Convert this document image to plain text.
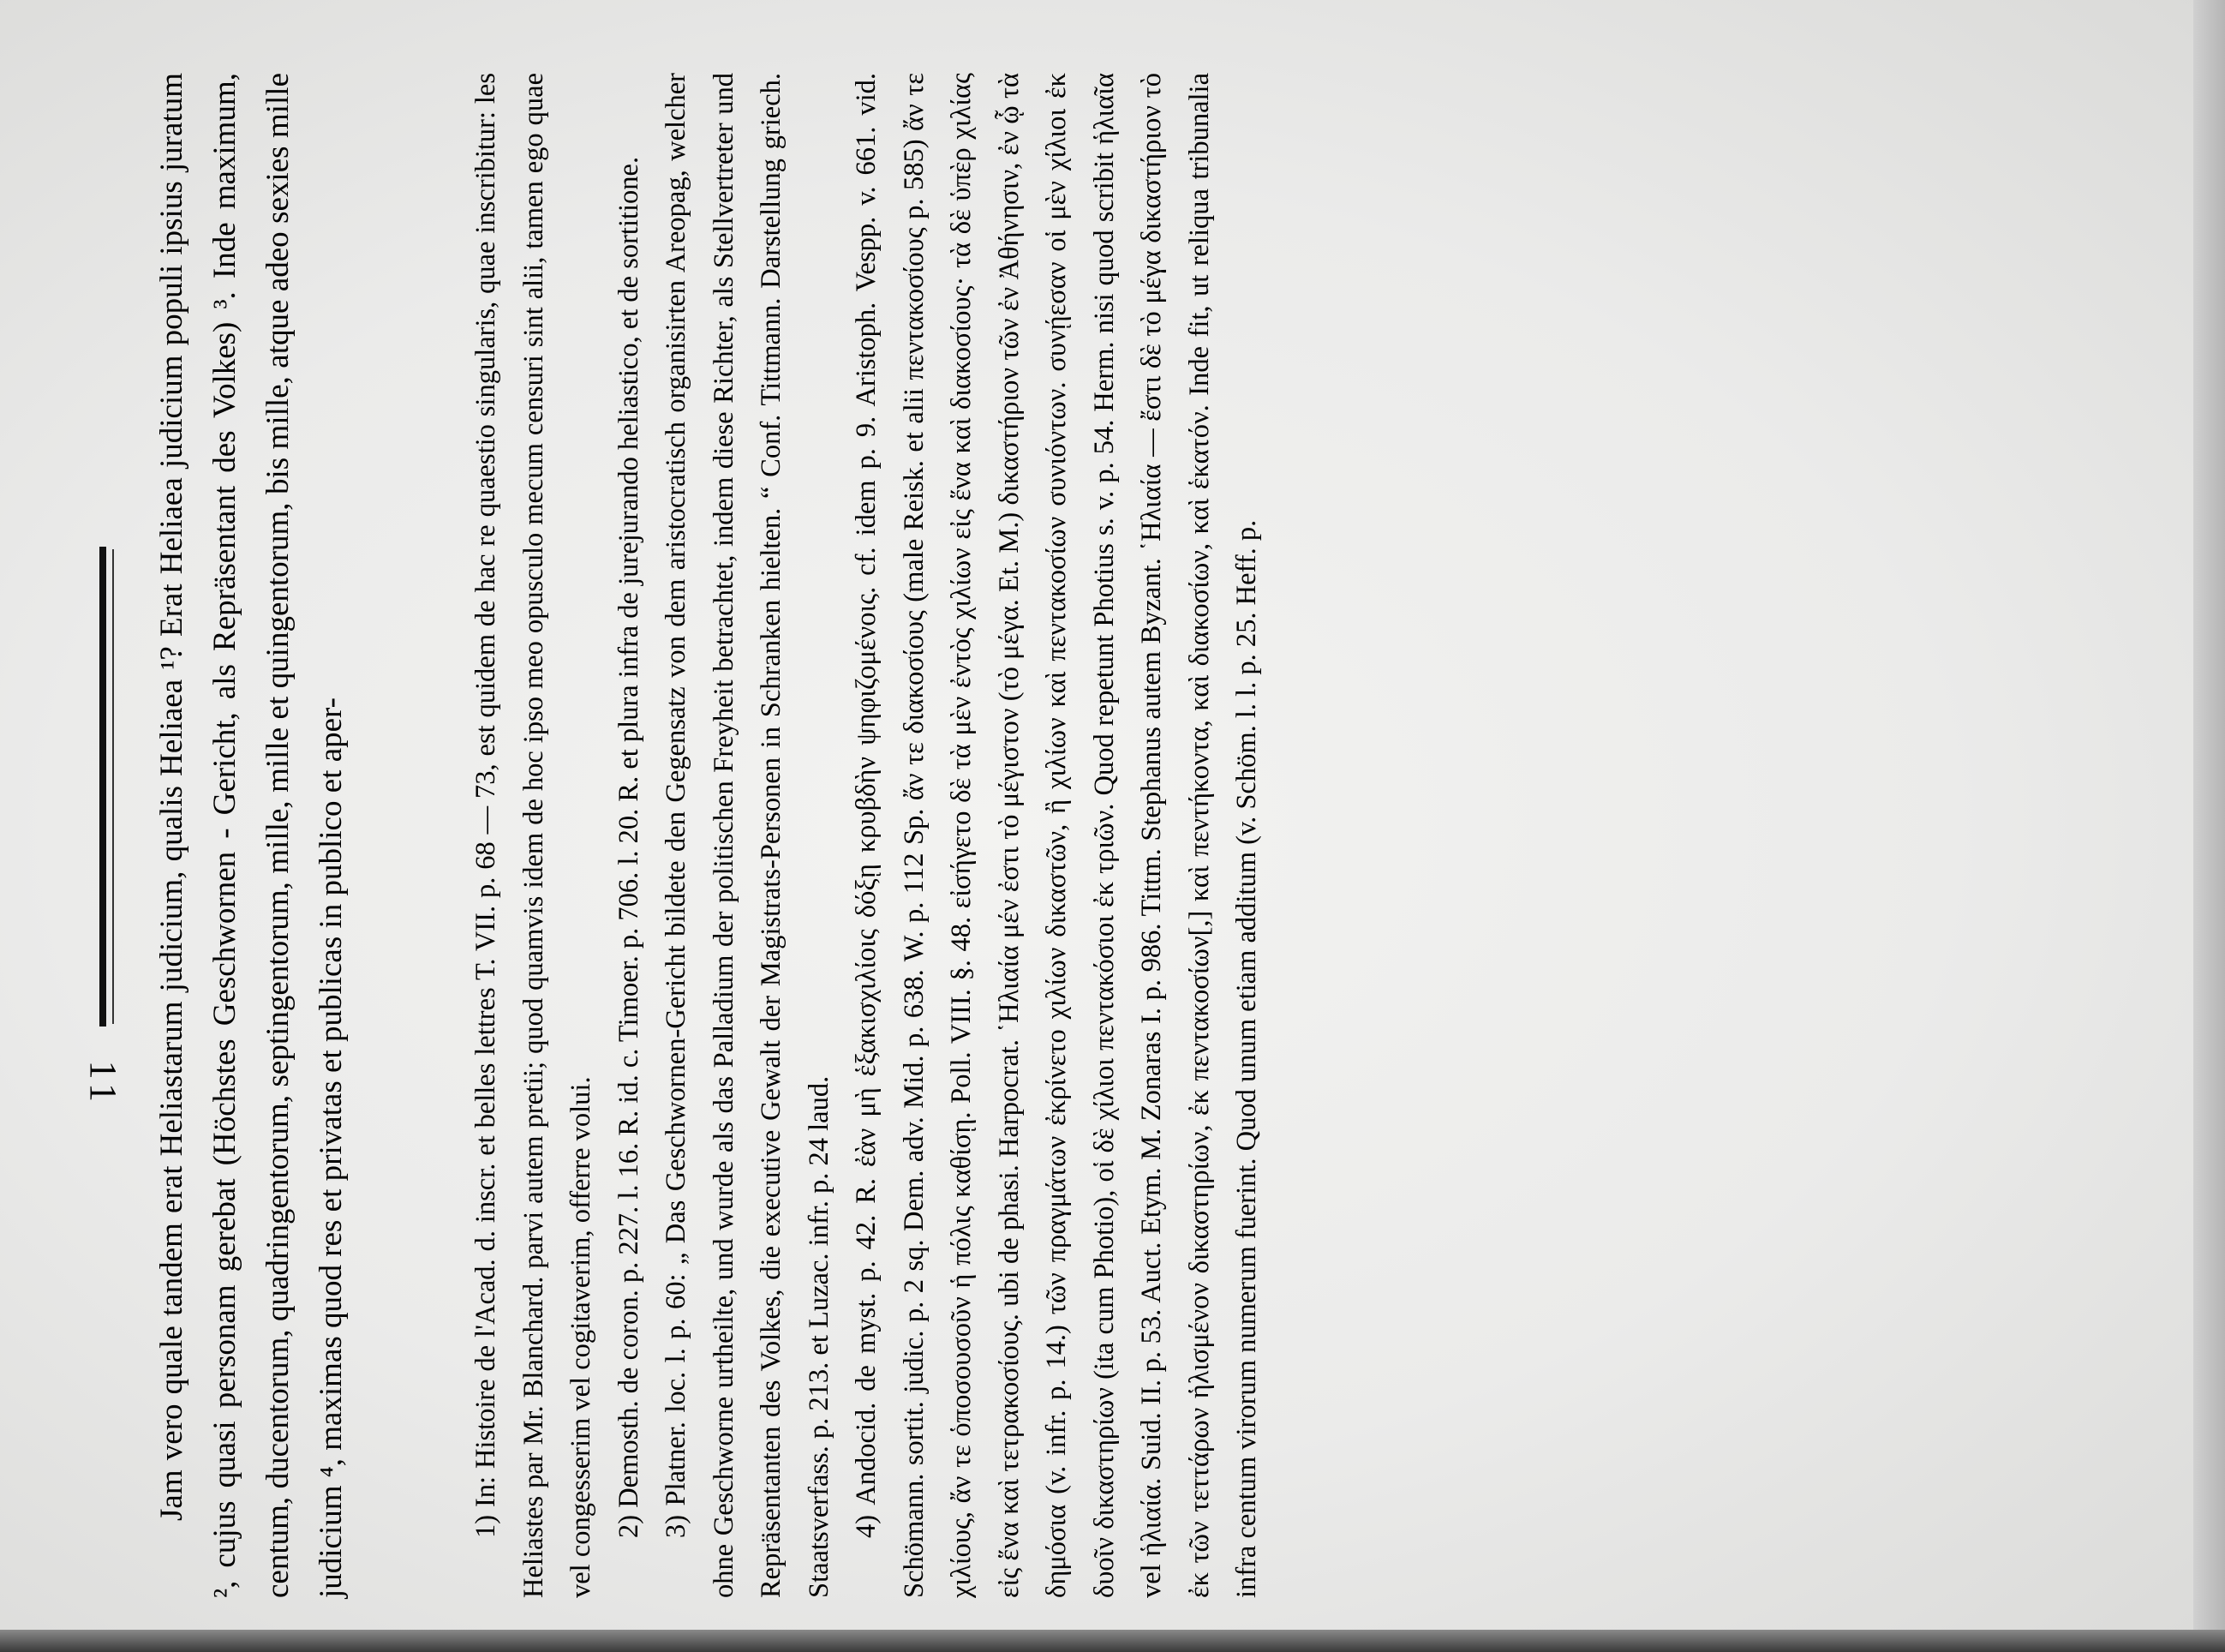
11 Jam vero quale tandem erat Heliastarum judicium, qualis Heliaea ¹? Erat Heliaea judicium populi ipsius juratum ², cujus quasi personam gerebat (Höchstes Geschwornen - Gericht, als Repräsentant des Volkes) ³. Inde maximum, centum, ducentorum, quadringentorum, septingentorum, mille, mille et quingentorum, bis mille, atque adeo sexies mille judicium ⁴, maximas quod res et privatas et publicas in publico et aper-	1) In: Histoire de l'Acad. d. inscr. et belles lettres T. VII. p. 68 — 73, est quidem de hac re quaestio singularis, quae inscribitur: les Heliastes par Mr. Blanchard. parvi autem pretii; quod quamvis idem de hoc ipso meo opusculo mecum censuri sint alii, tamen ego quae vel congesserim vel cogitaverim, offerre volui. 2) Demosth. de coron. p. 227. l. 16. R. id. c. Timoer. p. 706. l. 20. R. et plura infra de jurejurando heliastico, et de sortitione. 3) Platner. loc. l. p. 60: „ Das Geschwornen-Gericht bildete den Gegensatz von dem aristocratisch organisirten Areopag, welcher ohne Geschworne urtheilte, und wurde als das Palladium der politischen Freyheit betrachtet, indem diese Richter, als Stellvertreter und Repräsentanten des Volkes, die executive Gewalt der Magistrats-Personen in Schranken hielten. “ Conf. Tittmann. Darstellung griech. Staatsverfass. p. 213. et Luzac. infr. p. 24 laud. 4) Andocid. de myst. p. 42. R. ἐὰν μὴ ἑξακισχιλίοις δόξῃ κρυβδὴν ψηφιζομένοις. cf. idem p. 9. Aristoph. Vespp. v. 661. vid. Schömann. sortit. judic. p. 2 sq. Dem. adv. Mid. p. 638. W. p. 112 Sp. ἄν τε διακοσίους (male Reisk. et alii πεντακοσίους p. 585) ἄν τε χιλίους, ἄν τε ὁποσουσοῦν ἡ πόλις καθίσῃ. Poll. VIII. §. 48. εἰσήγετο δὲ τὰ μὲν ἐντὸς χιλίων εἰς ἕνα καὶ διακοσίους· τὰ δὲ ὑπὲρ χιλίας εἰς ἕνα καὶ τετρακοσίους. ubi de phasi. Harpocrat. ῾Ηλιαία μέν ἐστι τὸ μέγιστον (τὸ μέγα. Et. M.) δικαστήριον τῶν ἐν Ἀθήνησιν, ἐν ᾧ τὰ δημόσια (v. infr. p. 14.) τῶν πραγμάτων ἐκρίνετο χιλίων δικαστῶν, ἢ χιλίων καὶ πεντακοσίων συνιόντων. συνῄεσαν οἱ μὲν χίλιοι ἐκ δυοῖν δικαστηρίων (ita cum Photio), οἱ δὲ χίλιοι πεντακόσιοι ἐκ τριῶν. Quod repetunt Photius s. v. p. 54. Herm. nisi quod scribit ἡλιαῖα vel ἡλιαία. Suid. II. p. 53. Auct. Etym. M. Zonaras I. p. 986. Tittm. Stephanus autem Byzant. ῾Ηλιαία — ἔστι δὲ τὸ μέγα δικαστήριον τὸ ἐκ τῶν τεττάρων ἡλισμένον δικαστηρίων, ἐκ πεντακοσίων[,] καὶ πεντήκοντα, καὶ διακοσίων, καὶ ἑκατόν. Inde fit, ut reliqua tribunalia infra centum virorum numerum fuerint. Quod unum etiam additum (v. Schöm. l. l. p. 25. Heff. p.
